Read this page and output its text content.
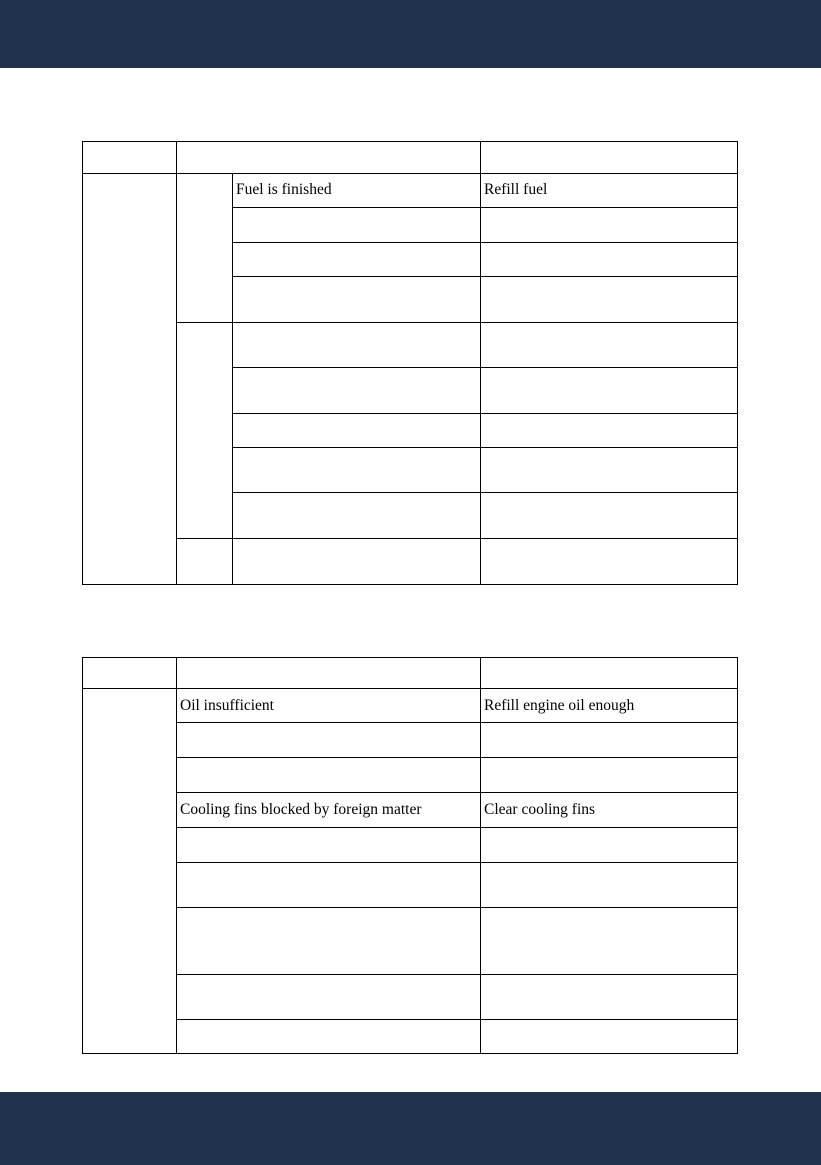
Fuel is finished	Refill fuel
Oil insufficient	Refill engine oil enough
Cooling fins blocked by foreign matter	Clear cooling fins
